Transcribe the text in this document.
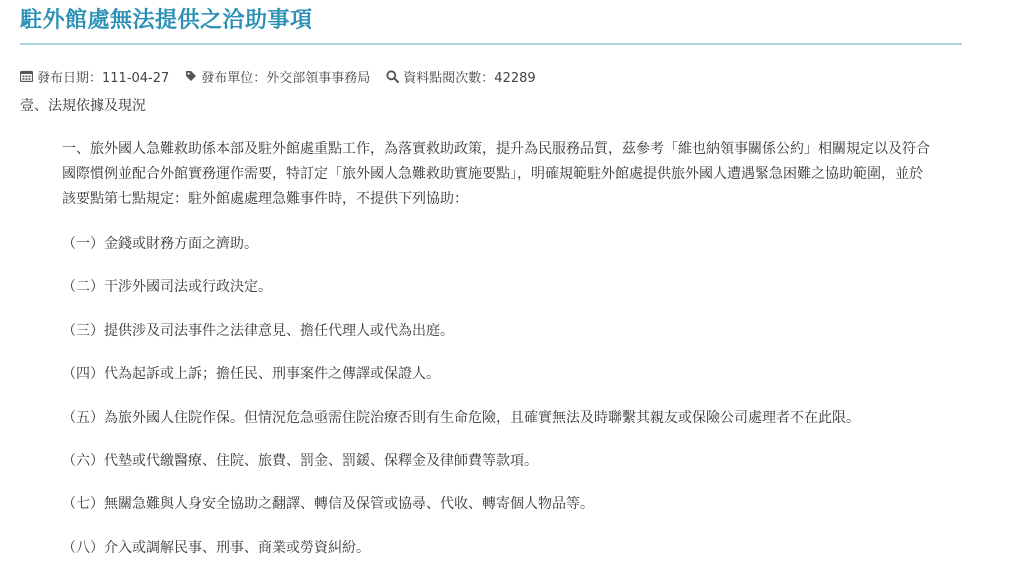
駐外館處無法提供之洽助事項
發布日期：111-04-27 發布單位：外交部領事事務局	資料點閱次數：42289
壹、法規依據及現況

一、旅外國人急難救助係本部及駐外館處重點工作，為落實救助政策，提升為民服務品質，茲參考「維也納領事關係公約」相關規定以及符合

國際慣例並配合外館實務運作需要，特訂定「旅外國人急難救助實施要點」，明確規範駐外館處提供旅外國人遭遇緊急困難之協助範圍，並於

該要點第七點規定：駐外館處處理急難事件時，不提供下列協助：

（一）金錢或財務方面之濟助。
（二）干涉外國司法或行政決定。
（三）提供涉及司法事件之法律意見、擔任代理人或代為出庭。
（四）代為起訴或上訴；擔任民、刑事案件之傳譯或保證人。
（五）為旅外國人住院作保。但情況危急亟需住院治療否則有生命危險，且確實無法及時聯繫其親友或保險公司處理者不在此限。
（六）代墊或代繳醫療、住院、旅費、罰金、罰鍰、保釋金及律師費等款項。
（七）無關急難與人身安全協助之翻譯、轉信及保管或協尋、代收、轉寄個人物品等。
（八）介入或調解民事、刑事、商業或勞資糾紛。
